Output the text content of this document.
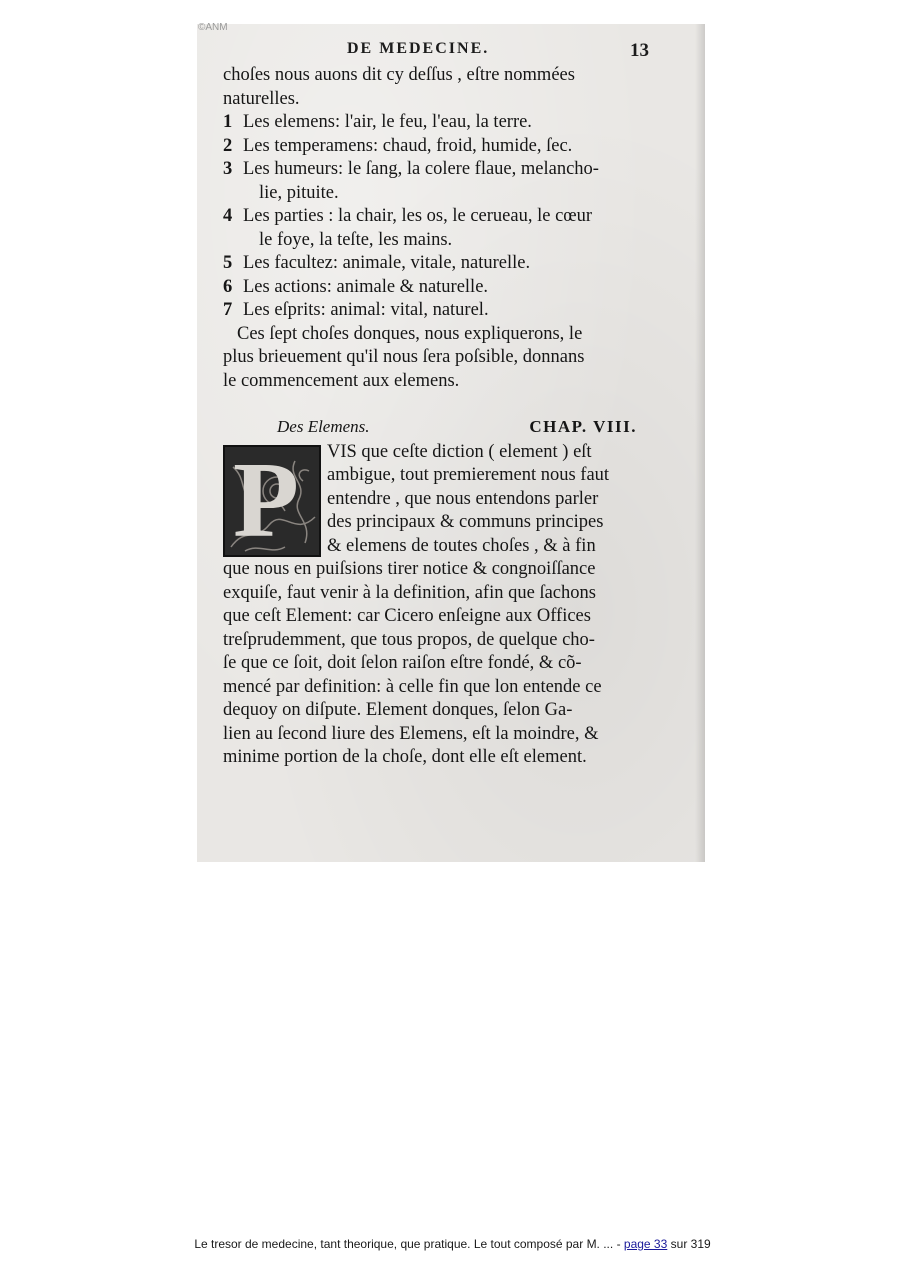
©ANM
DE MEDECINE.	13
choſes nous auons dit cy deſſus , eſtre nommées
naturelles.
1 Les elemens: l'air, le feu, l'eau, la terre.
2 Les temperamens: chaud, froid, humide, ſec.
3 Les humeurs: le ſang, la colere flaue, melancho-
lie, pituite.
4 Les parties : la chair, les os, le cerueau, le cœur
le foye, la teſte, les mains.
5 Les facultez: animale, vitale, naturelle.
6 Les actions: animale & naturelle.
7 Les eſprits: animal: vital, naturel.
Ces ſept choſes donques, nous expliquerons, le
plus brieuement qu'il nous ſera poſsible, donnans
le commencement aux elemens.
Des Elemens.	CHAP. VIII.
P	VIS que ceſte diction ( element ) eſt
ambigue, tout premierement nous faut
entendre , que nous entendons parler
des principaux & communs principes
& elemens de toutes choſes , & à fin
que nous en puiſsions tirer notice & congnoiſſance
exquiſe, faut venir à la definition, afin que ſachons
que ceſt Element: car Cicero enſeigne aux Offices
treſprudemment, que tous propos, de quelque cho-
ſe que ce ſoit, doit ſelon raiſon eſtre fondé, & cõ-
mencé par definition: à celle fin que lon entende ce
dequoy on diſpute. Element donques, ſelon Ga-
lien au ſecond liure des Elemens, eſt la moindre, &
minime portion de la choſe, dont elle eſt element.
Le tresor de medecine, tant theorique, que pratique. Le tout composé par M. ... - page 33 sur 319
